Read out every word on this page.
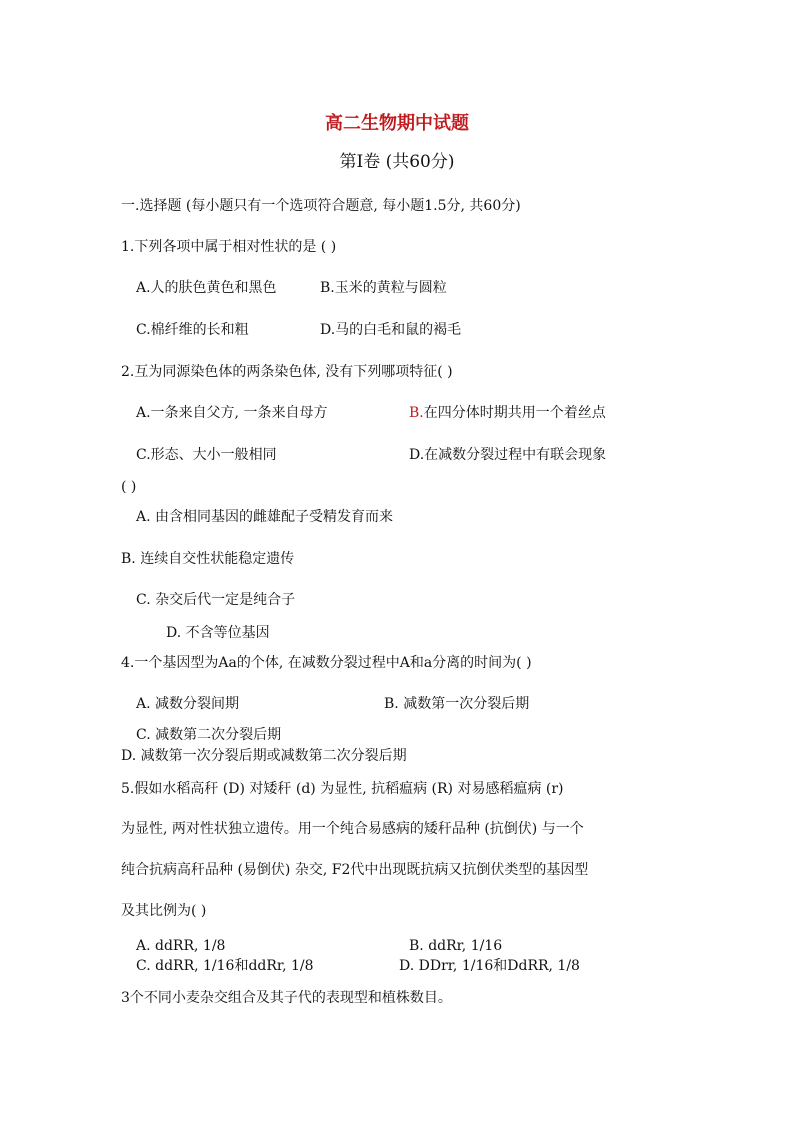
高二生物期中试题
第Ⅰ卷 (共60分)
一.选择题 (每小题只有一个选项符合题意, 每小题1.5分, 共60分)
1.下列各项中属于相对性状的是 ( )
A.人的肤色黄色和黑色	B.玉米的黄粒与圆粒
C.棉纤维的长和粗	D.马的白毛和鼠的褐毛
2.互为同源染色体的两条染色体, 没有下列哪项特征( )
A.一条来自父方, 一条来自母方	B.在四分体时期共用一个着丝点
C.形态、大小一般相同	D.在减数分裂过程中有联会现象
( )
A. 由含相同基因的雌雄配子受精发育而来
B. 连续自交性状能稳定遗传
C. 杂交后代一定是纯合子
D. 不含等位基因
4.一个基因型为Aa的个体, 在减数分裂过程中A和a分离的时间为( )
A. 减数分裂间期	B. 减数第一次分裂后期
C. 减数第二次分裂后期
D. 减数第一次分裂后期或减数第二次分裂后期
5.假如水稻高秆 (D) 对矮秆 (d) 为显性, 抗稻瘟病 (R) 对易感稻瘟病 (r)
为显性, 两对性状独立遗传。用一个纯合易感病的矮秆品种 (抗倒伏) 与一个
纯合抗病高秆品种 (易倒伏) 杂交, F2代中出现既抗病又抗倒伏类型的基因型
及其比例为( )
A. ddRR, 1/8	B. ddRr, 1/16
C. ddRR, 1/16和ddRr, 1/8	D. DDrr, 1/16和DdRR, 1/8
3个不同小麦杂交组合及其子代的表现型和植株数目。
